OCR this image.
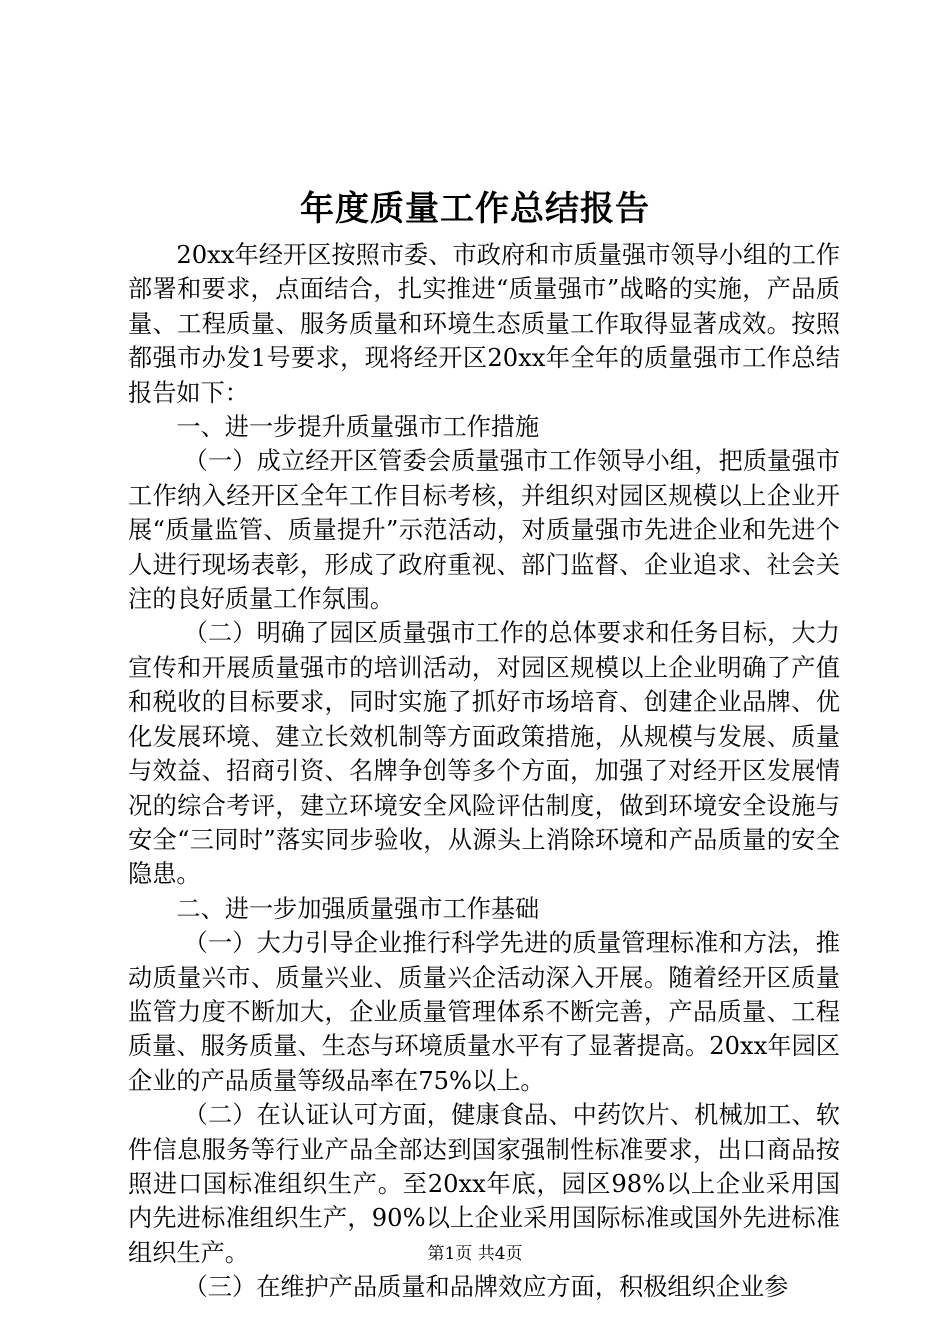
年度质量工作总结报告

20xx年经开区按照市委、市政府和市质量强市领导小组的工作部署和要求，点面结合，扎实推进“质量强市”战略的实施，产品质量、工程质量、服务质量和环境生态质量工作取得显著成效。按照都强市办发1号要求，现将经开区20xx年全年的质量强市工作总结报告如下：

一、进一步提升质量强市工作措施

（一）成立经开区管委会质量强市工作领导小组，把质量强市工作纳入经开区全年工作目标考核，并组织对园区规模以上企业开展“质量监管、质量提升”示范活动，对质量强市先进企业和先进个人进行现场表彰，形成了政府重视、部门监督、企业追求、社会关注的良好质量工作氛围。

（二）明确了园区质量强市工作的总体要求和任务目标，大力宣传和开展质量强市的培训活动，对园区规模以上企业明确了产值和税收的目标要求，同时实施了抓好市场培育、创建企业品牌、优化发展环境、建立长效机制等方面政策措施，从规模与发展、质量与效益、招商引资、名牌争创等多个方面，加强了对经开区发展情况的综合考评，建立环境安全风险评估制度，做到环境安全设施与安全“三同时”落实同步验收，从源头上消除环境和产品质量的安全隐患。

二、进一步加强质量强市工作基础

（一）大力引导企业推行科学先进的质量管理标准和方法，推动质量兴市、质量兴业、质量兴企活动深入开展。随着经开区质量监管力度不断加大，企业质量管理体系不断完善，产品质量、工程质量、服务质量、生态与环境质量水平有了显著提高。20xx年园区企业的产品质量等级品率在75%以上。

（二）在认证认可方面，健康食品、中药饮片、机械加工、软件信息服务等行业产品全部达到国家强制性标准要求，出口商品按照进口国标准组织生产。至20xx年底，园区98%以上企业采用国内先进标准组织生产，90%以上企业采用国际标准或国外先进标准组织生产。

（三）在维护产品质量和品牌效应方面，积极组织企业参

第1页 共4页
